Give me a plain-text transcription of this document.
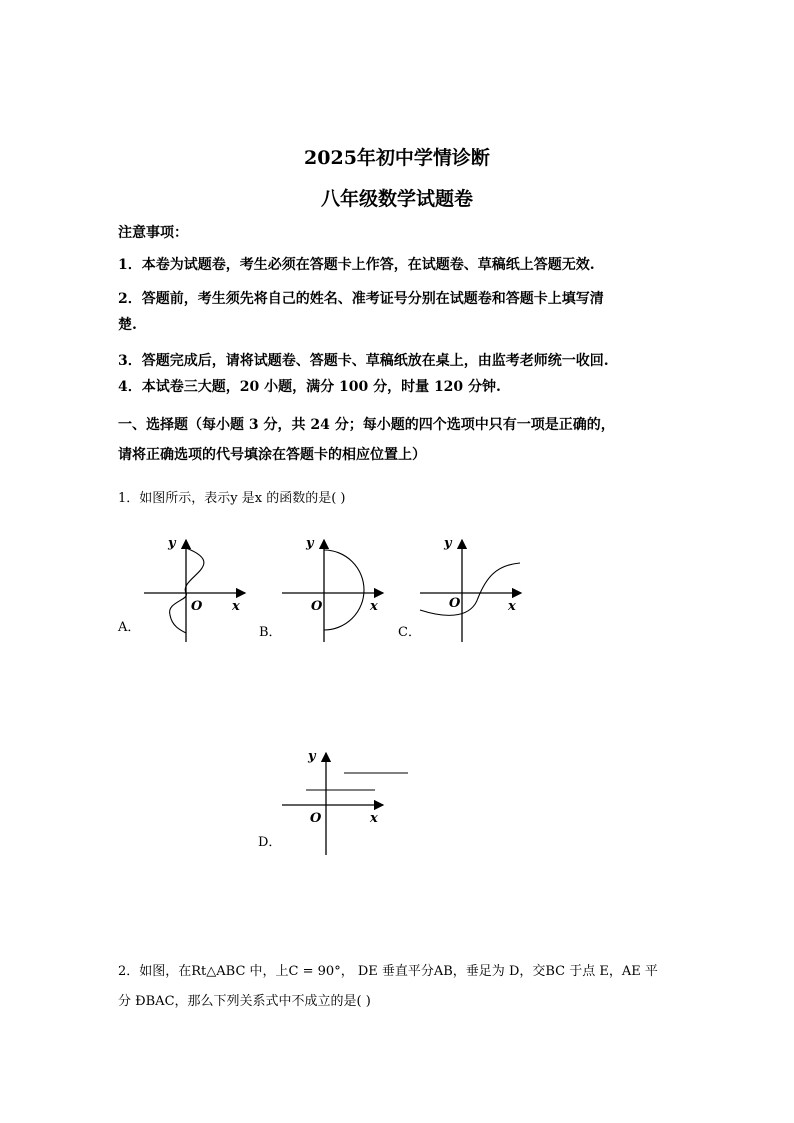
2025年初中学情诊断
八年级数学试题卷
注意事项：
1．本卷为试题卷，考生必须在答题卡上作答，在试题卷、草稿纸上答题无效.
2．答题前，考生须先将自己的姓名、准考证号分别在试题卷和答题卡上填写清
楚.
3．答题完成后，请将试题卷、答题卡、草稿纸放在桌上，由监考老师统一收回.
4．本试卷三大题，20 小题，满分 100 分，时量 120 分钟.
一、选择题（每小题 3 分，共 24 分；每小题的四个选项中只有一项是正确的，
请将正确选项的代号填涂在答题卡的相应位置上）
1．如图所示，表示y 是x 的函数的是( )
A．
y
x
O
B．
y
x
O
C．
y
x
O
D．
y
x
O
2．如图，在Rt△ABC 中，上C = 90°， DE 垂直平分AB，垂足为 D，交BC 于点 E，AE 平
分 ÐBAC，那么下列关系式中不成立的是( )
